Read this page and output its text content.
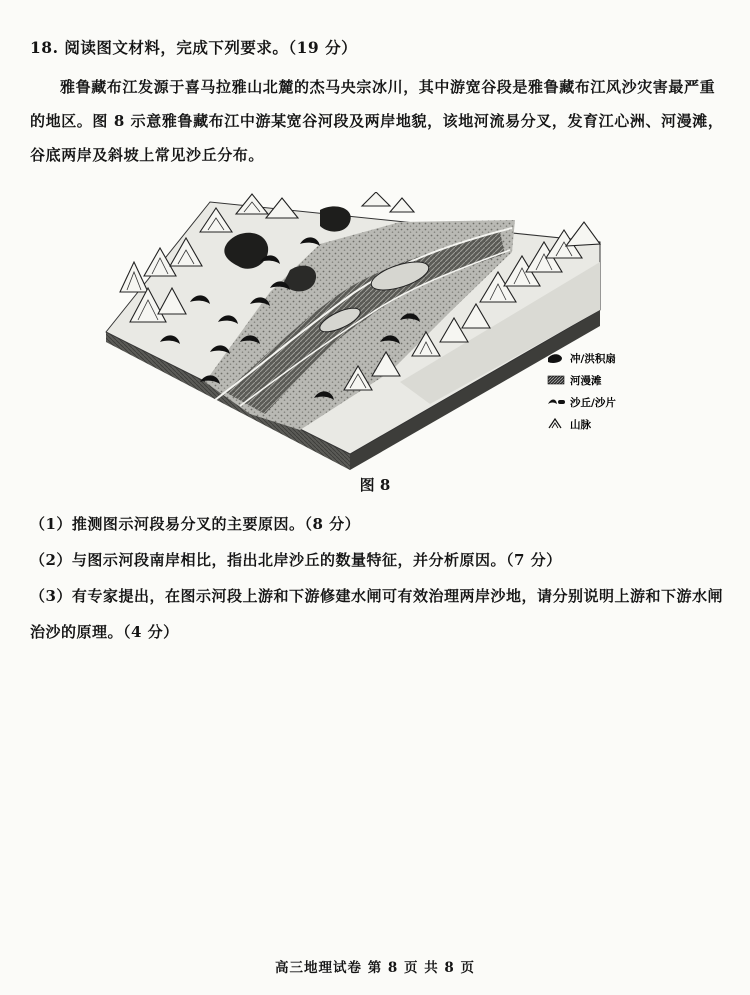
18. 阅读图文材料，完成下列要求。（19 分）

雅鲁藏布江发源于喜马拉雅山北麓的杰马央宗冰川，其中游宽谷段是雅鲁藏布江风沙灾害最严重的地区。图 8 示意雅鲁藏布江中游某宽谷河段及两岸地貌，该地河流易分叉，发育江心洲、河漫滩，谷底两岸及斜坡上常见沙丘分布。

冲/洪积扇
河漫滩
沙丘/沙片
山脉
图 8

（1）推测图示河段易分叉的主要原因。（8 分）

（2）与图示河段南岸相比，指出北岸沙丘的数量特征，并分析原因。（7 分）

（3）有专家提出，在图示河段上游和下游修建水闸可有效治理两岸沙地，请分别说明上游和下游水闸治沙的原理。（4 分）

高三地理试卷 第 8 页 共 8 页
